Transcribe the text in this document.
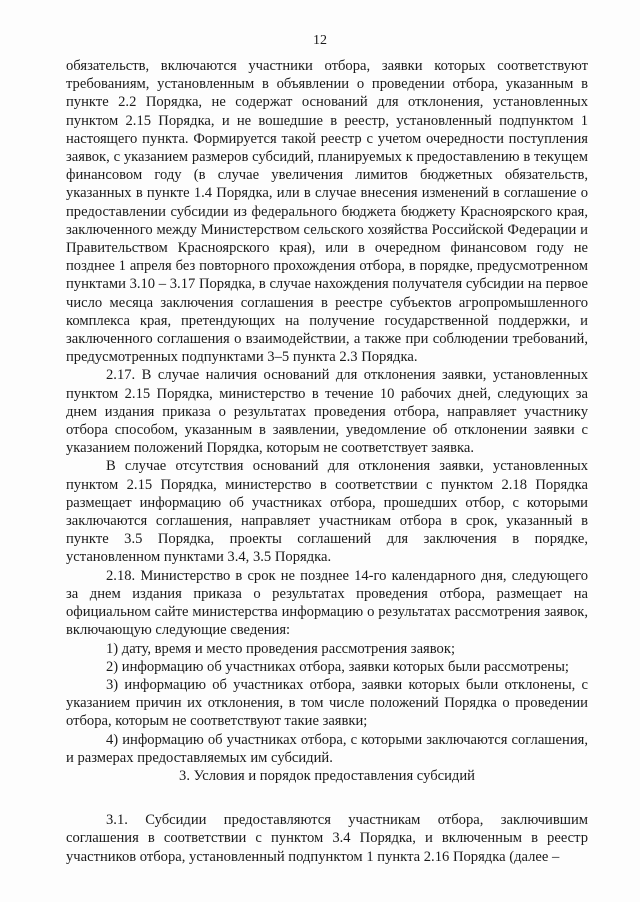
12

обязательств, включаются участники отбора, заявки которых соответствуют требованиям, установленным в объявлении о проведении отбора, указанным в пункте 2.2 Порядка, не содержат оснований для отклонения, установленных пунктом 2.15 Порядка, и не вошедшие в реестр, установленный подпунктом 1 настоящего пункта. Формируется такой реестр с учетом очередности поступления заявок, с указанием размеров субсидий, планируемых к предоставлению в текущем финансовом году (в случае увеличения лимитов бюджетных обязательств, указанных в пункте 1.4 Порядка, или в случае внесения изменений в соглашение о предоставлении субсидии из федерального бюджета бюджету Красноярского края, заключенного между Министерством сельского хозяйства Российской Федерации и Правительством Красноярского края), или в очередном финансовом году не позднее 1 апреля без повторного прохождения отбора, в порядке, предусмотренном пунктами 3.10 – 3.17 Порядка, в случае нахождения получателя субсидии на первое число месяца заключения соглашения в реестре субъектов агропромышленного комплекса края, претендующих на получение государственной поддержки, и заключенного соглашения о взаимодействии, а также при соблюдении требований, предусмотренных подпунктами 3–5 пункта 2.3 Порядка.

2.17. В случае наличия оснований для отклонения заявки, установленных пунктом 2.15 Порядка, министерство в течение 10 рабочих дней, следующих за днем издания приказа о результатах проведения отбора, направляет участнику отбора способом, указанным в заявлении, уведомление об отклонении заявки с указанием положений Порядка, которым не соответствует заявка.

В случае отсутствия оснований для отклонения заявки, установленных пунктом 2.15 Порядка, министерство в соответствии с пунктом 2.18 Порядка размещает информацию об участниках отбора, прошедших отбор, с которыми заключаются соглашения, направляет участникам отбора в срок, указанный в пункте 3.5 Порядка, проекты соглашений для заключения в порядке, установленном пунктами 3.4, 3.5 Порядка.

2.18. Министерство в срок не позднее 14-го календарного дня, следующего за днем издания приказа о результатах проведения отбора, размещает на официальном сайте министерства информацию о результатах рассмотрения заявок, включающую следующие сведения:

1) дату, время и место проведения рассмотрения заявок;

2) информацию об участниках отбора, заявки которых были рассмотрены;

3) информацию об участниках отбора, заявки которых были отклонены, с указанием причин их отклонения, в том числе положений Порядка о проведении отбора, которым не соответствуют такие заявки;

4) информацию об участниках отбора, с которыми заключаются соглашения, и размерах предоставляемых им субсидий.

3. Условия и порядок предоставления субсидий

3.1. Субсидии предоставляются участникам отбора, заключившим соглашения в соответствии с пунктом 3.4 Порядка, и включенным в реестр участников отбора, установленный подпунктом 1 пункта 2.16 Порядка (далее –
